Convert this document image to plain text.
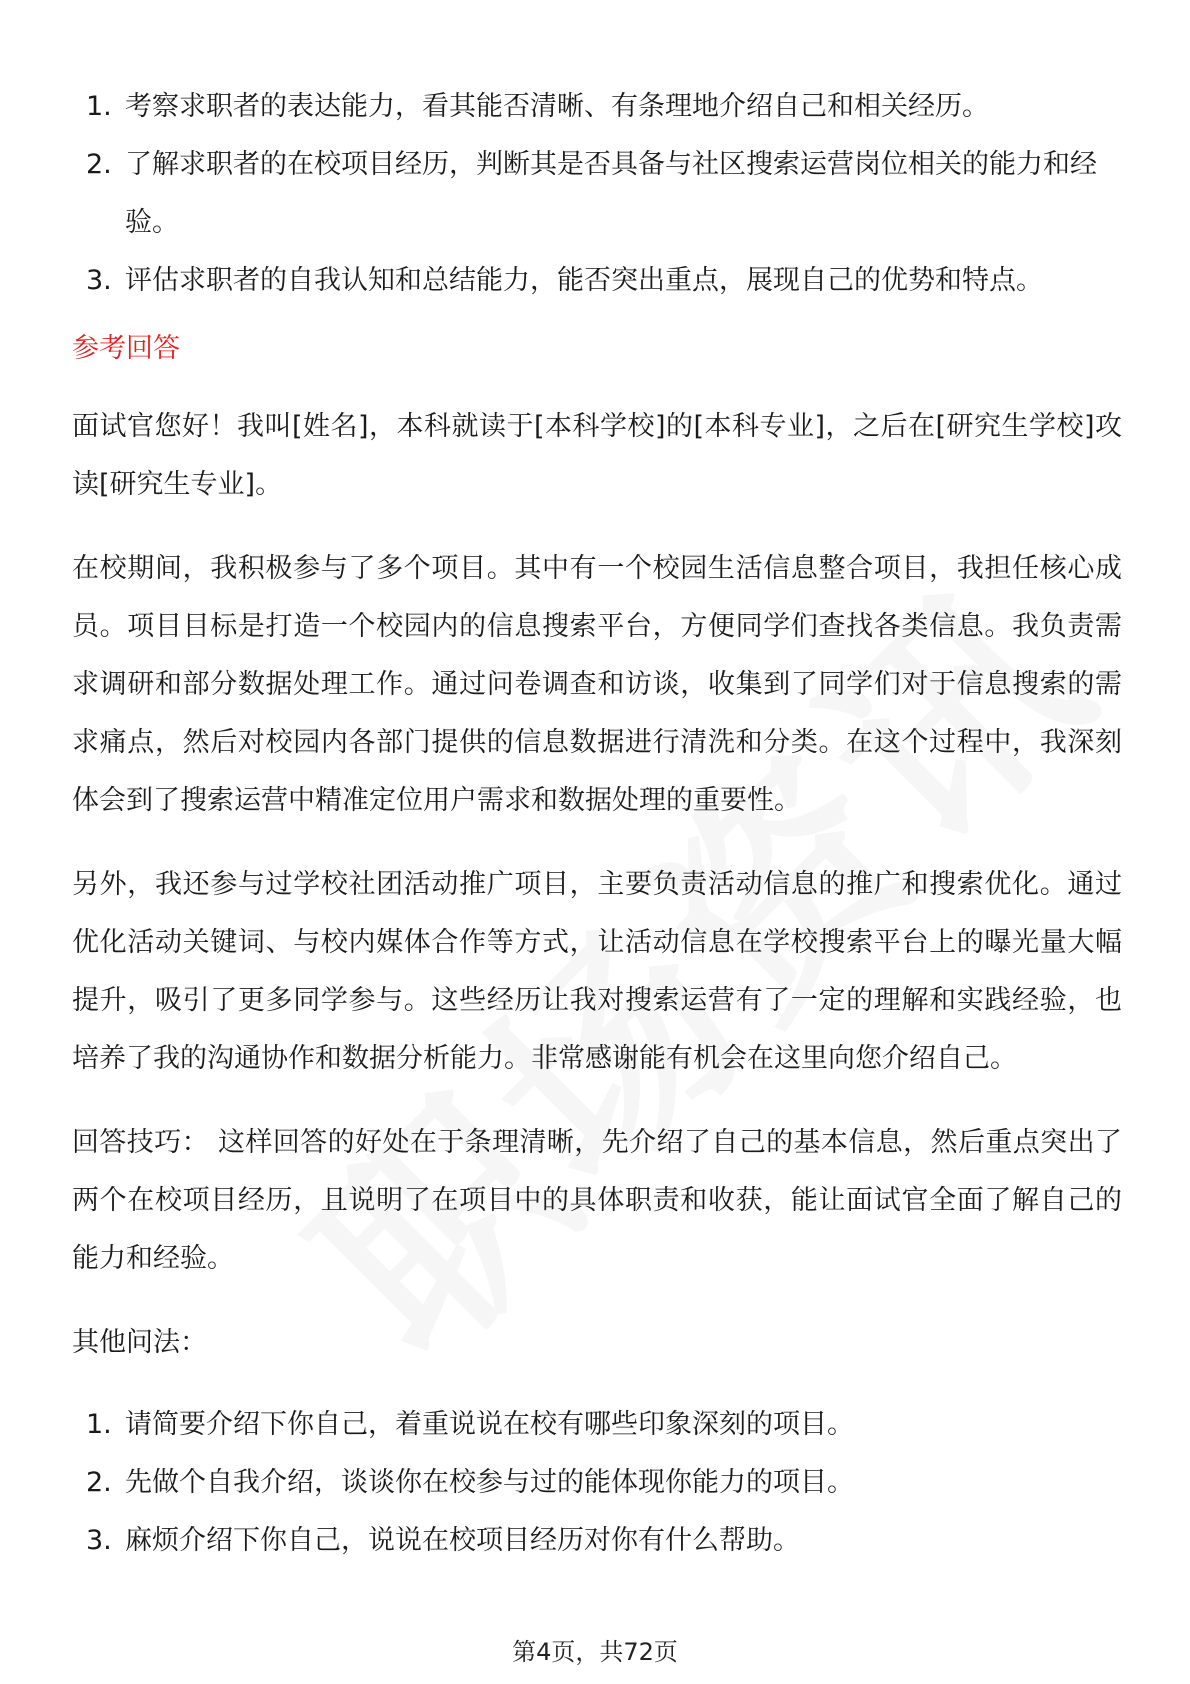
1. 考察求职者的表达能力，看其能否清晰、有条理地介绍自己和相关经历。
2. 了解求职者的在校项目经历，判断其是否具备与社区搜索运营岗位相关的能力和经验。
3. 评估求职者的自我认知和总结能力，能否突出重点，展现自己的优势和特点。
参考回答

面试官您好！我叫[姓名]，本科就读于[本科学校]的[本科专业]，之后在[研究生学校]攻读[研究生专业]。

在校期间，我积极参与了多个项目。其中有一个校园生活信息整合项目，我担任核心成员。项目目标是打造一个校园内的信息搜索平台，方便同学们查找各类信息。我负责需求调研和部分数据处理工作。通过问卷调查和访谈，收集到了同学们对于信息搜索的需求痛点，然后对校园内各部门提供的信息数据进行清洗和分类。在这个过程中，我深刻体会到了搜索运营中精准定位用户需求和数据处理的重要性。

另外，我还参与过学校社团活动推广项目，主要负责活动信息的推广和搜索优化。通过优化活动关键词、与校内媒体合作等方式，让活动信息在学校搜索平台上的曝光量大幅提升，吸引了更多同学参与。这些经历让我对搜索运营有了一定的理解和实践经验，也培养了我的沟通协作和数据分析能力。非常感谢能有机会在这里向您介绍自己。

回答技巧： 这样回答的好处在于条理清晰，先介绍了自己的基本信息，然后重点突出了两个在校项目经历，且说明了在项目中的具体职责和收获，能让面试官全面了解自己的能力和经验。

其他问法：
1. 请简要介绍下你自己，着重说说在校有哪些印象深刻的项目。
2. 先做个自我介绍，谈谈你在校参与过的能体现你能力的项目。
3. 麻烦介绍下你自己，说说在校项目经历对你有什么帮助。
第4页，共72页
